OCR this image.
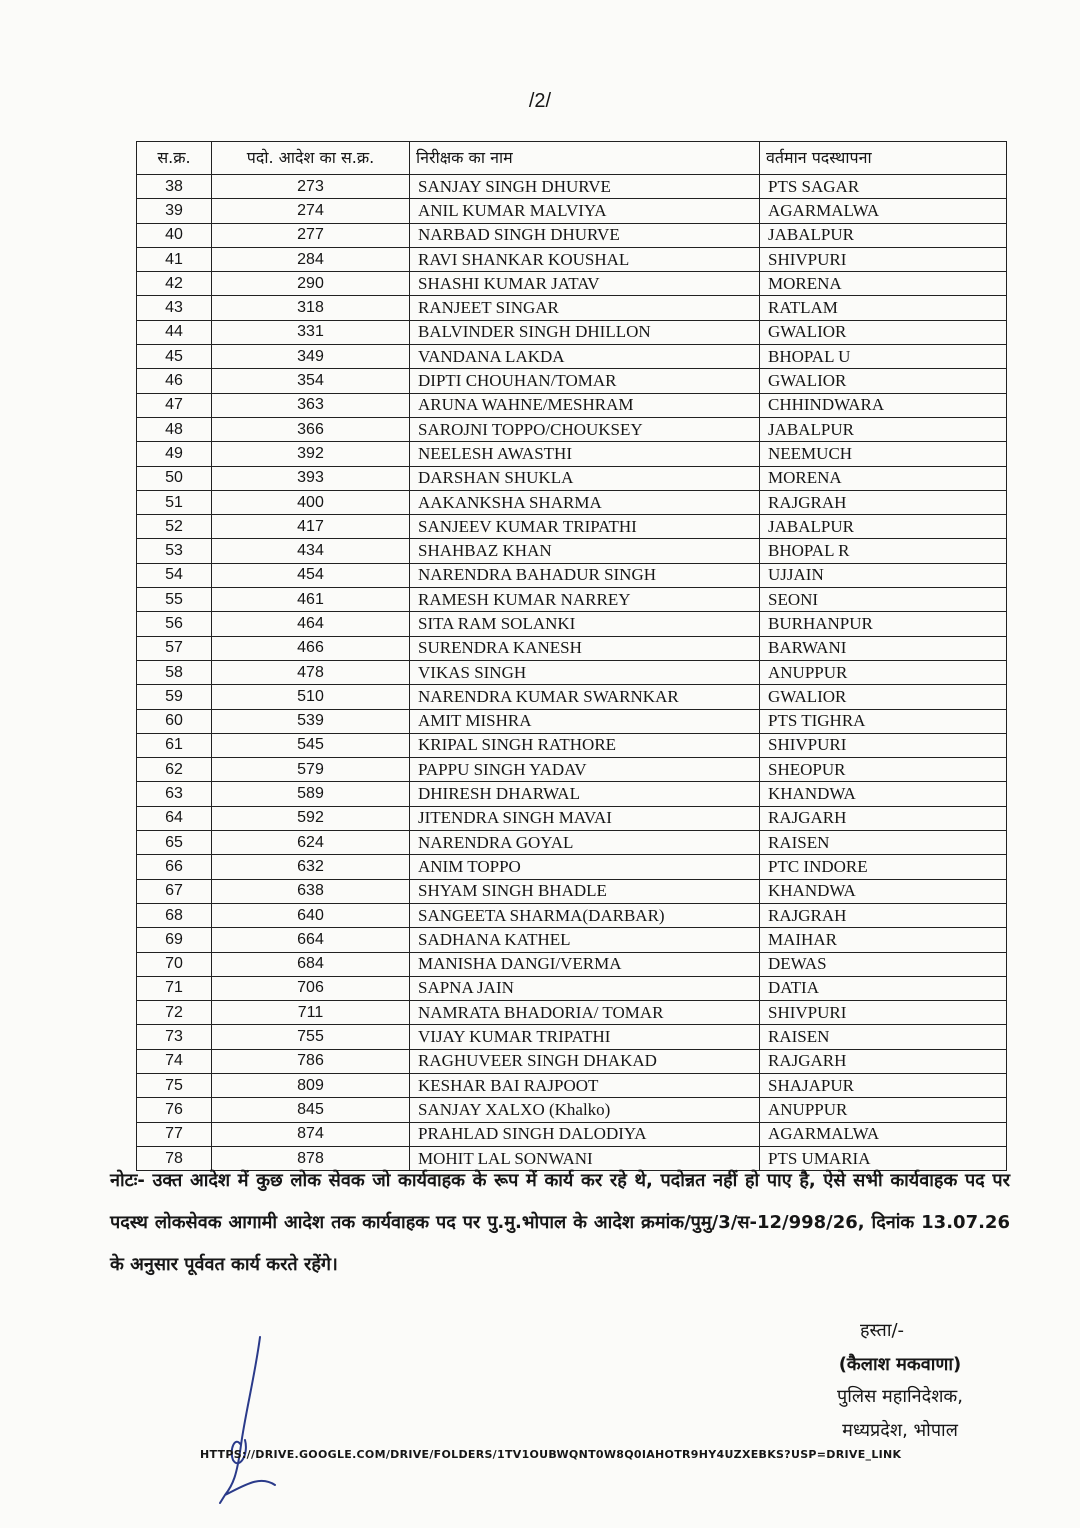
/2/
स.क्र.	पदो. आदेश का स.क्र.	निरीक्षक का नाम	वर्तमान पदस्थापना
38	273	SANJAY SINGH DHURVE	PTS SAGAR
39	274	ANIL KUMAR MALVIYA	AGARMALWA
40	277	NARBAD SINGH DHURVE	JABALPUR
41	284	RAVI SHANKAR KOUSHAL	SHIVPURI
42	290	SHASHI KUMAR JATAV	MORENA
43	318	RANJEET SINGAR	RATLAM
44	331	BALVINDER SINGH DHILLON	GWALIOR
45	349	VANDANA LAKDA	BHOPAL U
46	354	DIPTI CHOUHAN/TOMAR	GWALIOR
47	363	ARUNA WAHNE/MESHRAM	CHHINDWARA
48	366	SAROJNI TOPPO/CHOUKSEY	JABALPUR
49	392	NEELESH AWASTHI	NEEMUCH
50	393	DARSHAN SHUKLA	MORENA
51	400	AAKANKSHA SHARMA	RAJGRAH
52	417	SANJEEV KUMAR TRIPATHI	JABALPUR
53	434	SHAHBAZ KHAN	BHOPAL R
54	454	NARENDRA BAHADUR SINGH	UJJAIN
55	461	RAMESH KUMAR NARREY	SEONI
56	464	SITA RAM SOLANKI	BURHANPUR
57	466	SURENDRA KANESH	BARWANI
58	478	VIKAS SINGH	ANUPPUR
59	510	NARENDRA KUMAR SWARNKAR	GWALIOR
60	539	AMIT MISHRA	PTS TIGHRA
61	545	KRIPAL SINGH RATHORE	SHIVPURI
62	579	PAPPU SINGH YADAV	SHEOPUR
63	589	DHIRESH DHARWAL	KHANDWA
64	592	JITENDRA SINGH MAVAI	RAJGARH
65	624	NARENDRA GOYAL	RAISEN
66	632	ANIM TOPPO	PTC INDORE
67	638	SHYAM SINGH BHADLE	KHANDWA
68	640	SANGEETA SHARMA(DARBAR)	RAJGRAH
69	664	SADHANA KATHEL	MAIHAR
70	684	MANISHA DANGI/VERMA	DEWAS
71	706	SAPNA JAIN	DATIA
72	711	NAMRATA BHADORIA/ TOMAR	SHIVPURI
73	755	VIJAY KUMAR TRIPATHI	RAISEN
74	786	RAGHUVEER SINGH DHAKAD	RAJGARH
75	809	KESHAR BAI RAJPOOT	SHAJAPUR
76	845	SANJAY XALXO (Khalko)	ANUPPUR
77	874	PRAHLAD SINGH DALODIYA	AGARMALWA
78	878	MOHIT LAL SONWANI	PTS UMARIA
नोटः- उक्त आदेश में कुछ लोक सेवक जो कार्यवाहक के रूप में कार्य कर रहे थे, पदोन्नत नहीं हो पाए है, ऐसे सभी कार्यवाहक पद पर पदस्थ लोकसेवक आगामी आदेश तक कार्यवाहक पद पर पु.मु.भोपाल के आदेश क्रमांक/पुमु/3/स-12/998/26, दिनांक 13.07.26 के अनुसार पूर्ववत कार्य करते रहेंगे।
हस्ता/-
(कैलाश मकवाणा)
पुलिस महानिदेशक,
मध्यप्रदेश, भोपाल
HTTPS://DRIVE.GOOGLE.COM/DRIVE/FOLDERS/1TV1OUBWQNT0W8Q0IAHOTR9HY4UZXEBKS?USP=DRIVE_LINK
